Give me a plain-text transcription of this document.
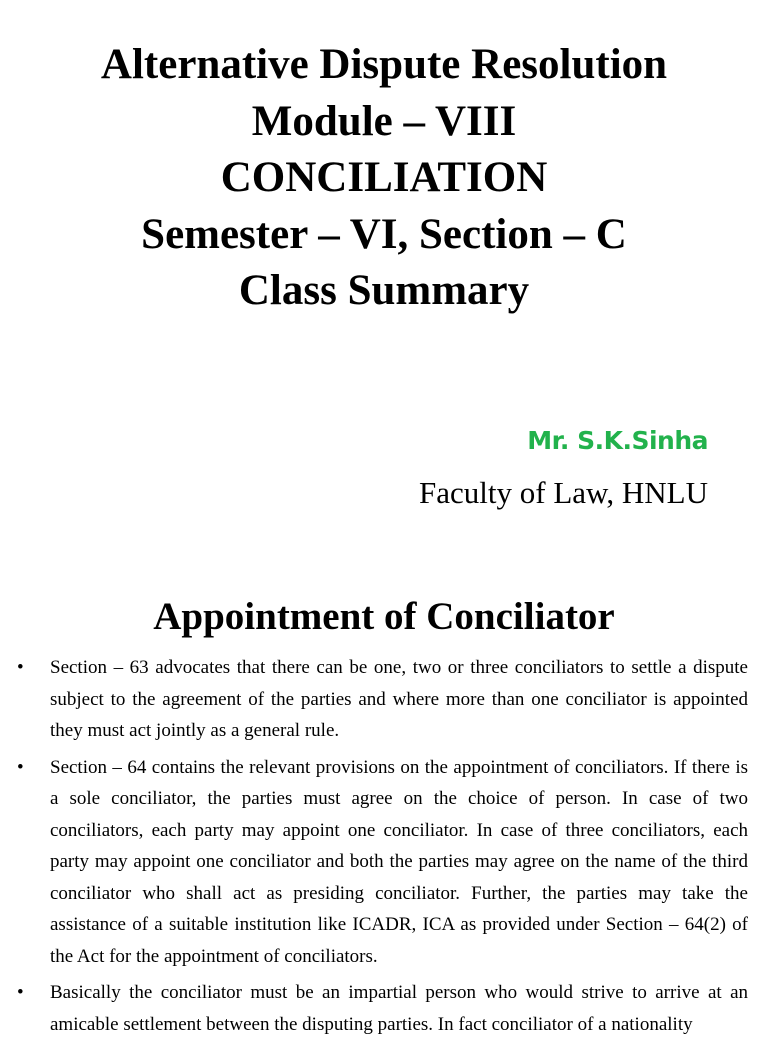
Alternative Dispute Resolution
Module – VIII
CONCILIATION
Semester – VI, Section – C
Class Summary
Mr. S.K.Sinha
Faculty of Law, HNLU
Appointment of Conciliator
• Section – 63 advocates that there can be one, two or three conciliators to settle a dispute subject to the agreement of the parties and where more than one conciliator is appointed they must act jointly as a general rule.
• Section – 64 contains the relevant provisions on the appointment of conciliators. If there is a sole conciliator, the parties must agree on the choice of person. In case of two conciliators, each party may appoint one conciliator. In case of three conciliators, each party may appoint one conciliator and both the parties may agree on the name of the third conciliator who shall act as presiding conciliator. Further, the parties may take the assistance of a suitable institution like ICADR, ICA as provided under Section – 64(2) of the Act for the appointment of conciliators.
• Basically the conciliator must be an impartial person who would strive to arrive at an amicable settlement between the disputing parties. In fact conciliator of a nationality
